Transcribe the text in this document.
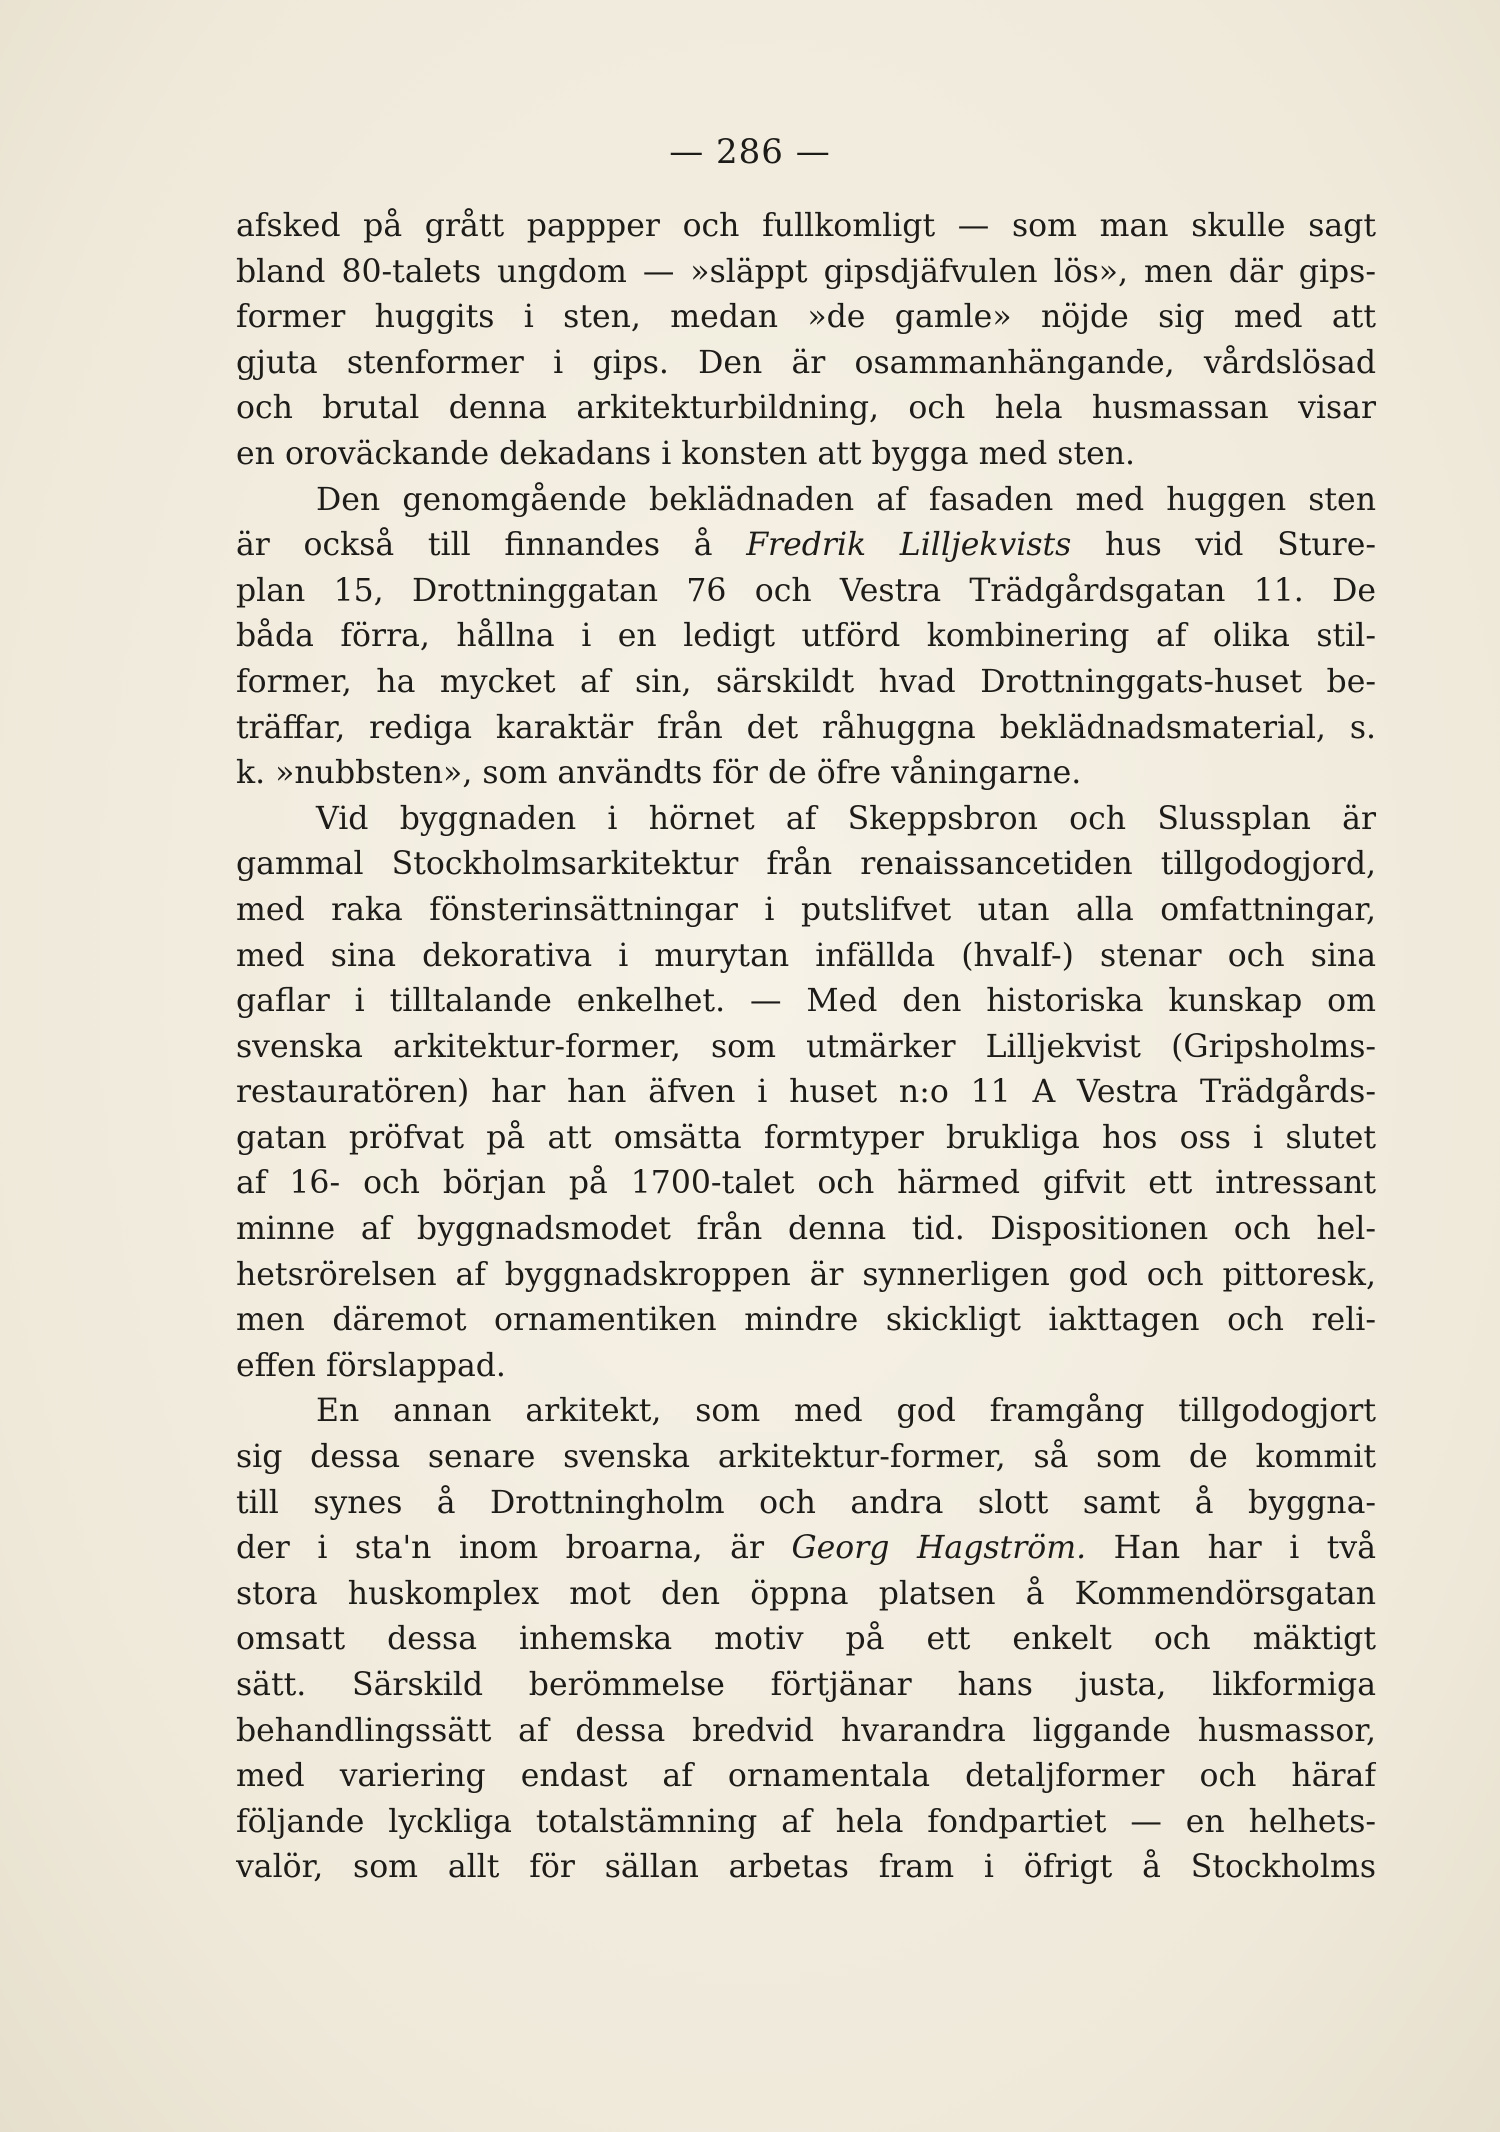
— 286 —
afsked på grått pappper och fullkomligt — som man skulle sagt
bland 80-talets ungdom — »släppt gipsdjäfvulen lös», men där gips-
former huggits i sten, medan »de gamle» nöjde sig med att
gjuta stenformer i gips. Den är osammanhängande, vårdslösad
och brutal denna arkitekturbildning, och hela husmassan visar
en oroväckande dekadans i konsten att bygga med sten.
Den genomgående beklädnaden af fasaden med huggen sten
är också till finnandes å Fredrik Lilljekvists hus vid Sture-
plan 15, Drottninggatan 76 och Vestra Trädgårdsgatan 11. De
båda förra, hållna i en ledigt utförd kombinering af olika stil-
former, ha mycket af sin, särskildt hvad Drottninggats-huset be-
träffar, rediga karaktär från det råhuggna beklädnadsmaterial, s.
k. »nubbsten», som användts för de öfre våningarne.
Vid byggnaden i hörnet af Skeppsbron och Slussplan är
gammal Stockholmsarkitektur från renaissancetiden tillgodogjord,
med raka fönsterinsättningar i putslifvet utan alla omfattningar,
med sina dekorativa i murytan infällda (hvalf-) stenar och sina
gaflar i tilltalande enkelhet. — Med den historiska kunskap om
svenska arkitektur-former, som utmärker Lilljekvist (Gripsholms-
restauratören) har han äfven i huset n:o 11 A Vestra Trädgårds-
gatan pröfvat på att omsätta formtyper brukliga hos oss i slutet
af 16- och början på 1700-talet och härmed gifvit ett intressant
minne af byggnadsmodet från denna tid. Dispositionen och hel-
hetsrörelsen af byggnadskroppen är synnerligen god och pittoresk,
men däremot ornamentiken mindre skickligt iakttagen och reli-
effen förslappad.
En annan arkitekt, som med god framgång tillgodogjort
sig dessa senare svenska arkitektur-former, så som de kommit
till synes å Drottningholm och andra slott samt å byggna-
der i sta'n inom broarna, är Georg Hagström. Han har i två
stora huskomplex mot den öppna platsen å Kommendörsgatan
omsatt dessa inhemska motiv på ett enkelt och mäktigt
sätt. Särskild berömmelse förtjänar hans justa, likformiga
behandlingssätt af dessa bredvid hvarandra liggande husmassor,
med variering endast af ornamentala detaljformer och häraf
följande lyckliga totalstämning af hela fondpartiet — en helhets-
valör, som allt för sällan arbetas fram i öfrigt å Stockholms
